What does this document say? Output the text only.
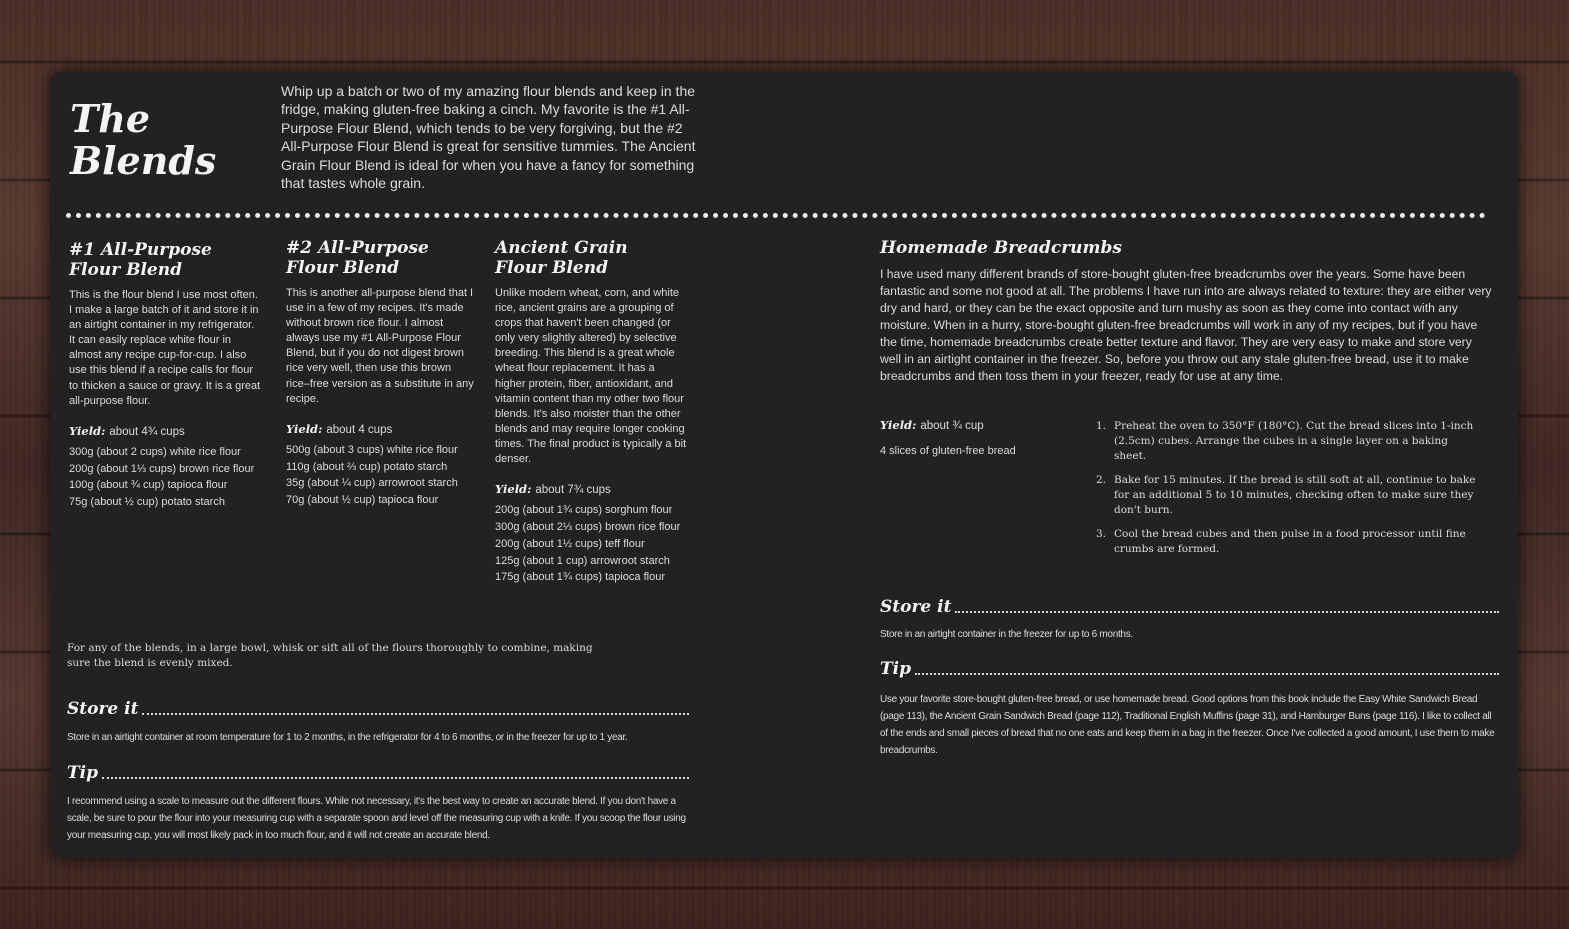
The
Blends
Whip up a batch or two of my amazing flour blends and keep in the fridge, making gluten-free baking a cinch. My favorite is the #1 All-Purpose Flour Blend, which tends to be very forgiving, but the #2 All-Purpose Flour Blend is great for sensitive tummies. The Ancient Grain Flour Blend is ideal for when you have a fancy for something that tastes whole grain.
#1 All-Purpose
Flour Blend
This is the flour blend I use most often. I make a large batch of it and store it in an airtight container in my refrigerator. It can easily replace white flour in almost any recipe cup-for-cup. I also use this blend if a recipe calls for flour to thicken a sauce or gravy. It is a great all-purpose flour.
Yield: about 4¾ cups
300g (about 2 cups) white rice flour
200g (about 1⅓ cups) brown rice flour
100g (about ¾ cup) tapioca flour
75g (about ½ cup) potato starch
#2 All-Purpose
Flour Blend
This is another all-purpose blend that I use in a few of my recipes. It's made without brown rice flour. I almost always use my #1 All-Purpose Flour Blend, but if you do not digest brown rice very well, then use this brown rice–free version as a substitute in any recipe.
Yield: about 4 cups
500g (about 3 cups) white rice flour
110g (about ⅔ cup) potato starch
35g (about ¼ cup) arrowroot starch
70g (about ½ cup) tapioca flour
Ancient Grain
Flour Blend
Unlike modern wheat, corn, and white rice, ancient grains are a grouping of crops that haven't been changed (or only very slightly altered) by selective breeding. This blend is a great whole wheat flour replacement. It has a higher protein, fiber, antioxidant, and vitamin content than my other two flour blends. It's also moister than the other blends and may require longer cooking times. The final product is typically a bit denser.
Yield: about 7¾ cups
200g (about 1¾ cups) sorghum flour
300g (about 2⅓ cups) brown rice flour
200g (about 1½ cups) teff flour
125g (about 1 cup) arrowroot starch
175g (about 1¾ cups) tapioca flour
For any of the blends, in a large bowl, whisk or sift all of the flours thoroughly to combine, making sure the blend is evenly mixed.
Store it
Store in an airtight container at room temperature for 1 to 2 months, in the refrigerator for 4 to 6 months, or in the freezer for up to 1 year.
Tip
I recommend using a scale to measure out the different flours. While not necessary, it's the best way to create an accurate blend. If you don't have a scale, be sure to pour the flour into your measuring cup with a separate spoon and level off the measuring cup with a knife. If you scoop the flour using your measuring cup, you will most likely pack in too much flour, and it will not create an accurate blend.
Homemade Breadcrumbs
I have used many different brands of store-bought gluten-free breadcrumbs over the years. Some have been fantastic and some not good at all. The problems I have run into are always related to texture: they are either very dry and hard, or they can be the exact opposite and turn mushy as soon as they come into contact with any moisture. When in a hurry, store-bought gluten-free breadcrumbs will work in any of my recipes, but if you have the time, homemade breadcrumbs create better texture and flavor. They are very easy to make and store very well in an airtight container in the freezer. So, before you throw out any stale gluten-free bread, use it to make breadcrumbs and then toss them in your freezer, ready for use at any time.
Yield: about ¾ cup
4 slices of gluten-free bread
1. Preheat the oven to 350°F (180°C). Cut the bread slices into 1-inch (2.5cm) cubes. Arrange the cubes in a single layer on a baking sheet.
2. Bake for 15 minutes. If the bread is still soft at all, continue to bake for an additional 5 to 10 minutes, checking often to make sure they don't burn.
3. Cool the bread cubes and then pulse in a food processor until fine crumbs are formed.
Store it
Store in an airtight container in the freezer for up to 6 months.
Tip
Use your favorite store-bought gluten-free bread, or use homemade bread. Good options from this book include the Easy White Sandwich Bread (page 113), the Ancient Grain Sandwich Bread (page 112), Traditional English Muffins (page 31), and Hamburger Buns (page 116). I like to collect all of the ends and small pieces of bread that no one eats and keep them in a bag in the freezer. Once I've collected a good amount, I use them to make breadcrumbs.
